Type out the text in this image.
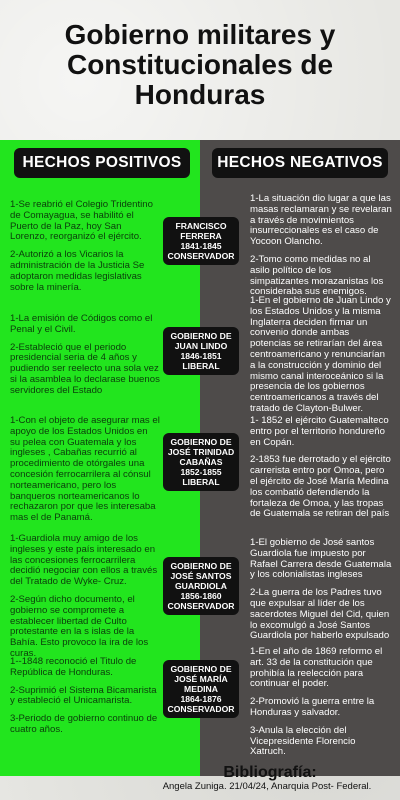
Gobierno militares y
Constitucionales de
Honduras
HECHOS POSITIVOS	HECHOS NEGATIVOS

1-Se reabrió el Colegio Tridentino de Comayagua, se habilitó el Puerto de la Paz, hoy San Lorenzo, reorganizó el ejército.

2-Autorizó a los Vicarios la administración de la Justicia Se adoptaron medidas legislativas sobre la minería.

FRANCISCO
FERRERA
1841-1845
CONSERVADOR

1-La situación dio lugar a que las masas reclamaran y se revelaran a través de movimientos insurreccionales es el caso de Yocoon Olancho.

2-Tomo como medidas no al asilo político de los simpatizantes morazanistas los consideraba sus enemigos.

1-La emisión de Códigos como el Penal y el Civil.

2-Estableció que el periodo presidencial seria de 4 años y pudiendo ser reelecto una sola vez si la asamblea lo declarase buenos servidores del Estado

GOBIERNO DE
JUAN LINDO
1846-1851
LIBERAL

1-En el gobierno de Juan Lindo y los Estados Unidos y la misma Inglaterra deciden firmar un convenio donde ambas potencias se retirarían del área centroamericano y renunciarían a la construcción y dominio del mismo canal interoceánico si la presencia de los gobiernos centroamericanos a través del tratado de Clayton-Bulwer.

1-Con el objeto de asegurar mas el apoyo de los Estados Unidos en su pelea con Guatemala y los ingleses , Cabañas recurrió al procedimiento de otórgales una concesión ferrocarrilera al cónsul norteamericano, pero los banqueros norteamericanos lo rechazaron por que les interesaba mas el de Panamá.

GOBIERNO DE
JOSÉ TRINIDAD
CABAÑAS
1852-1855
LIBERAL

1- 1852 el ejército Guatemalteco entro por el territorio hondureño en Copán.

2-1853 fue derrotado y el ejército carrerista entro por Omoa, pero el ejército de José María Medina los combatió defendiendo la fortaleza de Omoa, y las tropas de Guatemala se retiran del país

1-Guardiola muy amigo de los ingleses y este país interesado en las concesiones ferrocarrilera decidió negociar con ellos a través del Tratado de Wyke- Cruz.

2-Según dicho documento, el gobierno se compromete a establecer libertad de Culto protestante en la s islas de la Bahía. Esto provoco la ira de los curas.

GOBIERNO DE
JOSÉ SANTOS
GUARDIOLA
1856-1860
CONSERVADOR

1-El gobierno de José santos Guardiola fue impuesto por Rafael Carrera desde Guatemala y los colonialistas ingleses

2-La guerra de los Padres tuvo que expulsar al líder de los sacerdotes Miguel del Cid, quien lo excomulgó a José Santos Guardiola por haberlo expulsado

1--1848 reconoció el Titulo de República de Honduras.

2-Suprimió el Sistema Bicamarista y estableció el Unicamarista.

3-Periodo de gobierno continuo de cuatro años.

GOBIERNO DE
JOSÉ MARÍA
MEDINA
1864-1876
CONSERVADOR

1-En el año de 1869 reformo el art. 33 de la constitución que prohibía la reelección para continuar el poder.

2-Promovió la guerra entre la Honduras y salvador.

3-Anula la elección del Vicepresidente Florencio Xatruch.

Bibliografía:
Angela Zuniga. 21/04/24, Anarquia Post- Federal.
